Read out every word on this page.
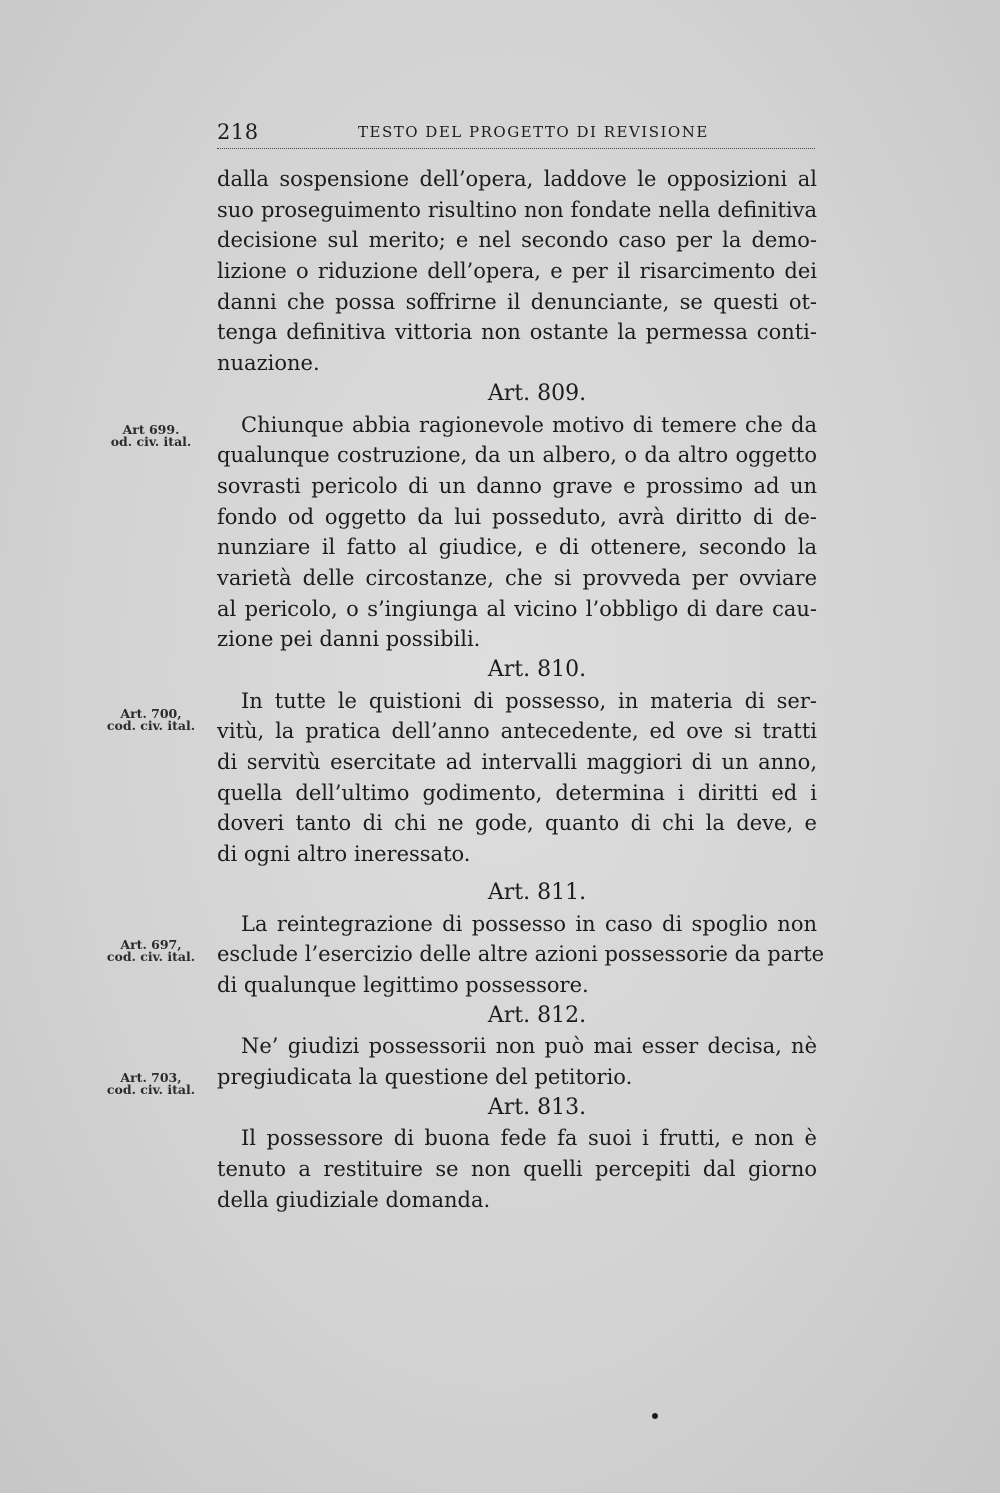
218	TESTO DEL PROGETTO DI REVISIONE
Art 699.
od. civ. ital.
Art. 700,
cod. civ. ital.
Art. 697,
cod. civ. ital.
Art. 703,
cod. civ. ital.
dalla sospensione dell’opera, laddove le opposizioni al
suo proseguimento risultino non fondate nella definitiva
decisione sul merito; e nel secondo caso per la demo-
lizione o riduzione dell’opera, e per il risarcimento dei
danni che possa soffrirne il denunciante, se questi ot-
tenga definitiva vittoria non ostante la permessa conti-
nuazione.
Art. 809.
Chiunque abbia ragionevole motivo di temere che da
qualunque costruzione, da un albero, o da altro oggetto
sovrasti pericolo di un danno grave e prossimo ad un
fondo od oggetto da lui posseduto, avrà diritto di de-
nunziare il fatto al giudice, e di ottenere, secondo la
varietà delle circostanze, che si provveda per ovviare
al pericolo, o s’ingiunga al vicino l’obbligo di dare cau-
zione pei danni possibili.
Art. 810.
In tutte le quistioni di possesso, in materia di ser-
vitù, la pratica dell’anno antecedente, ed ove si tratti
di servitù esercitate ad intervalli maggiori di un anno,
quella dell’ultimo godimento, determina i diritti ed i
doveri tanto di chi ne gode, quanto di chi la deve, e
di ogni altro ineressato.
Art. 811.
La reintegrazione di possesso in caso di spoglio non
esclude l’esercizio delle altre azioni possessorie da parte
di qualunque legittimo possessore.
Art. 812.
Ne’ giudizi possessorii non può mai esser decisa, nè
pregiudicata la questione del petitorio.
Art. 813.
Il possessore di buona fede fa suoi i frutti, e non è
tenuto a restituire se non quelli percepiti dal giorno
della giudiziale domanda.
